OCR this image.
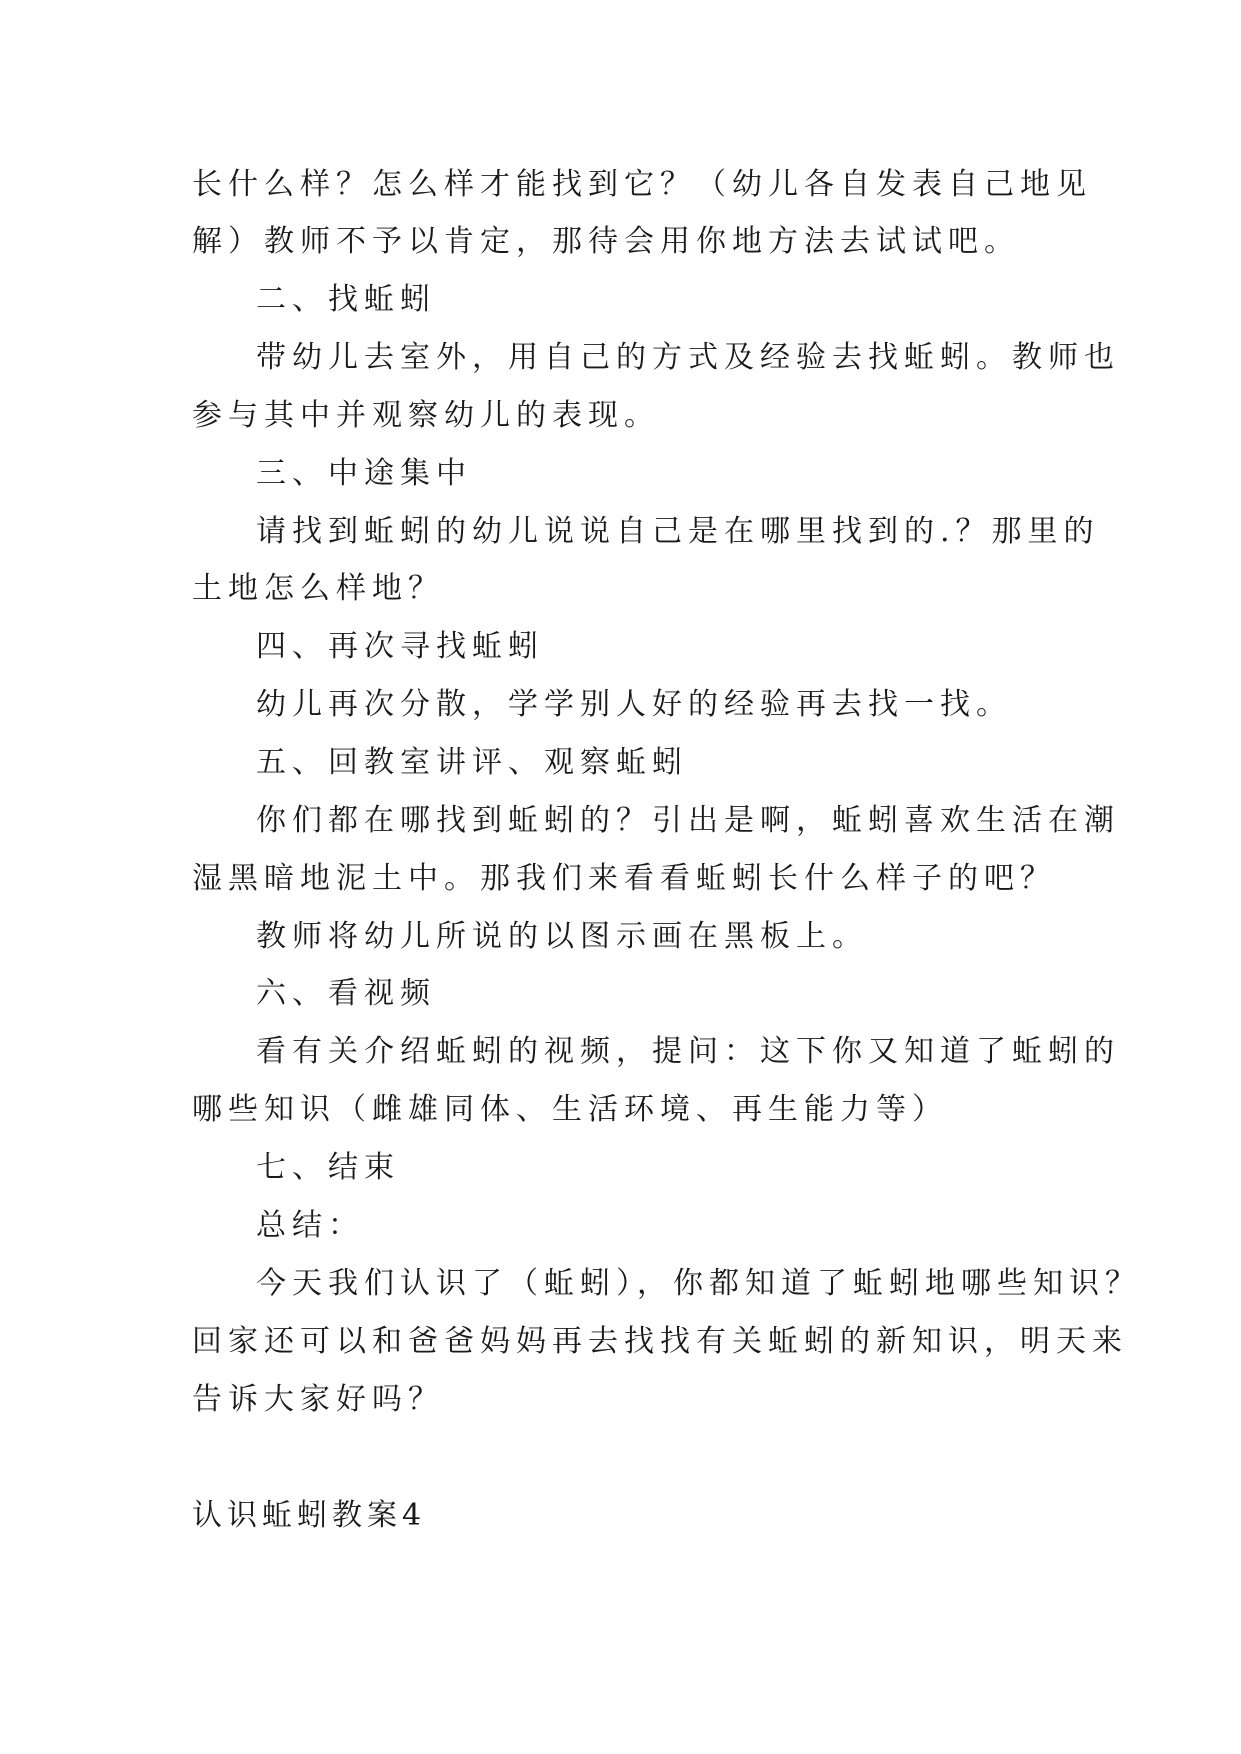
长什么样？怎么样才能找到它？（幼儿各自发表自己地见
解）教师不予以肯定，那待会用你地方法去试试吧。
二、找蚯蚓
带幼儿去室外，用自己的方式及经验去找蚯蚓。教师也
参与其中并观察幼儿的表现。
三、中途集中
请找到蚯蚓的幼儿说说自己是在哪里找到的.？那里的
土地怎么样地？
四、再次寻找蚯蚓
幼儿再次分散，学学别人好的经验再去找一找。
五、回教室讲评、观察蚯蚓
你们都在哪找到蚯蚓的？引出是啊，蚯蚓喜欢生活在潮
湿黑暗地泥土中。那我们来看看蚯蚓长什么样子的吧？
教师将幼儿所说的以图示画在黑板上。
六、看视频
看有关介绍蚯蚓的视频，提问：这下你又知道了蚯蚓的
哪些知识（雌雄同体、生活环境、再生能力等）
七、结束
总结：
今天我们认识了（蚯蚓），你都知道了蚯蚓地哪些知识？
回家还可以和爸爸妈妈再去找找有关蚯蚓的新知识，明天来
告诉大家好吗？
认识蚯蚓教案4
